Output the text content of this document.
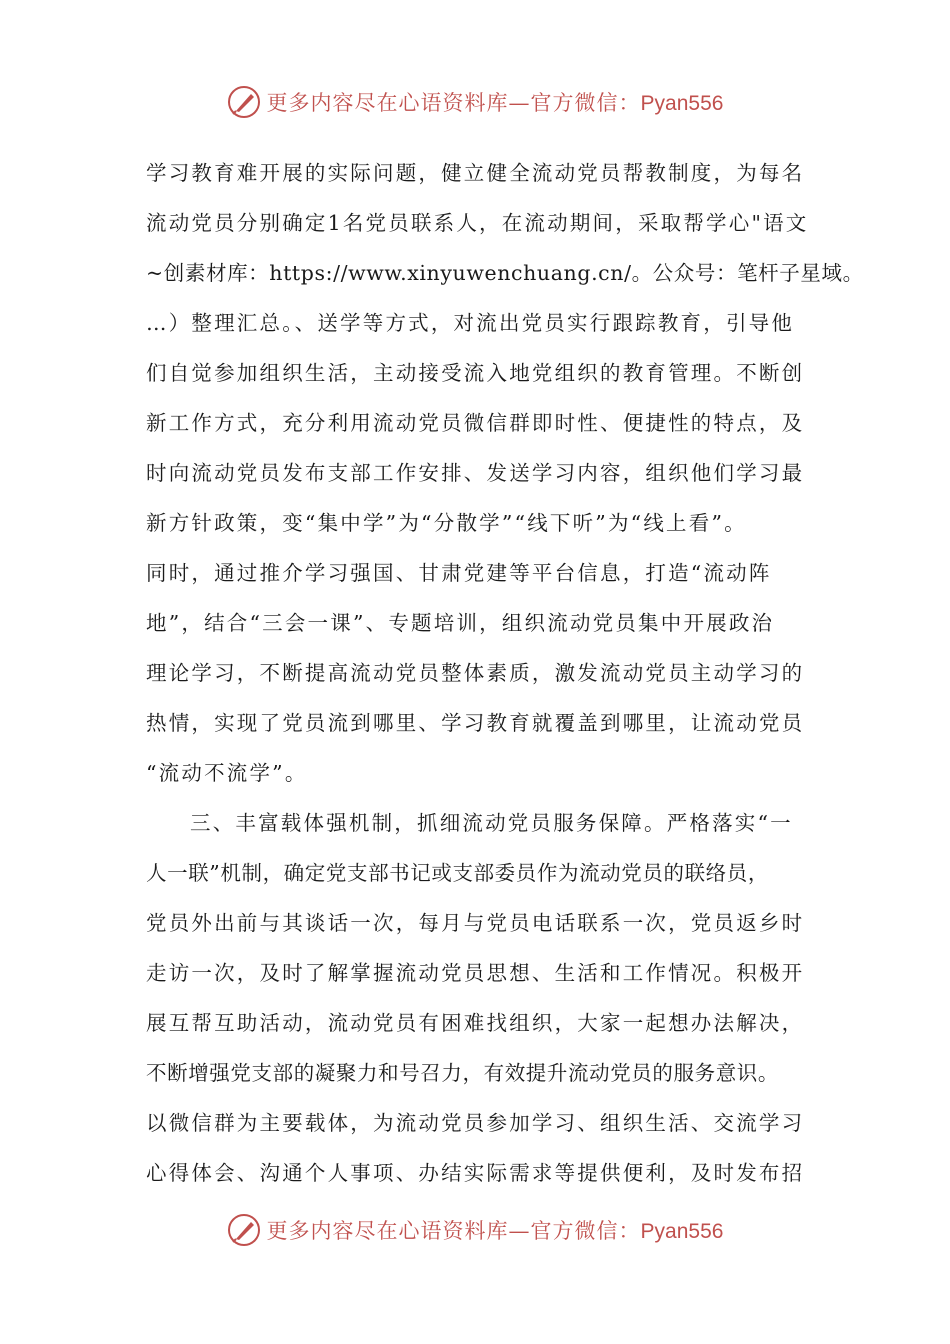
更多内容尽在心语资料库—官方微信：Pyan556
学习教育难开展的实际问题，健立健全流动党员帮教制度，为每名
流动党员分别确定1名党员联系人，在流动期间，采取帮学心"语文
~创素材库：https://www.xinyuwenchuang.cn/。公众号：笔杆子星域。
…）整理汇总。、送学等方式，对流出党员实行跟踪教育，引导他
们自觉参加组织生活，主动接受流入地党组织的教育管理。不断创
新工作方式，充分利用流动党员微信群即时性、便捷性的特点，及
时向流动党员发布支部工作安排、发送学习内容，组织他们学习最
新方针政策，变“集中学”为“分散学”“线下听”为“线上看”。
同时，通过推介学习强国、甘肃党建等平台信息，打造“流动阵
地”，结合“三会一课”、专题培训，组织流动党员集中开展政治
理论学习，不断提高流动党员整体素质，激发流动党员主动学习的
热情，实现了党员流到哪里、学习教育就覆盖到哪里，让流动党员
“流动不流学”。
三、丰富载体强机制，抓细流动党员服务保障。严格落实“一
人一联”机制，确定党支部书记或支部委员作为流动党员的联络员，
党员外出前与其谈话一次，每月与党员电话联系一次，党员返乡时
走访一次，及时了解掌握流动党员思想、生活和工作情况。积极开
展互帮互助活动，流动党员有困难找组织，大家一起想办法解决，
不断增强党支部的凝聚力和号召力，有效提升流动党员的服务意识。
以微信群为主要载体，为流动党员参加学习、组织生活、交流学习
心得体会、沟通个人事项、办结实际需求等提供便利，及时发布招
更多内容尽在心语资料库—官方微信：Pyan556
